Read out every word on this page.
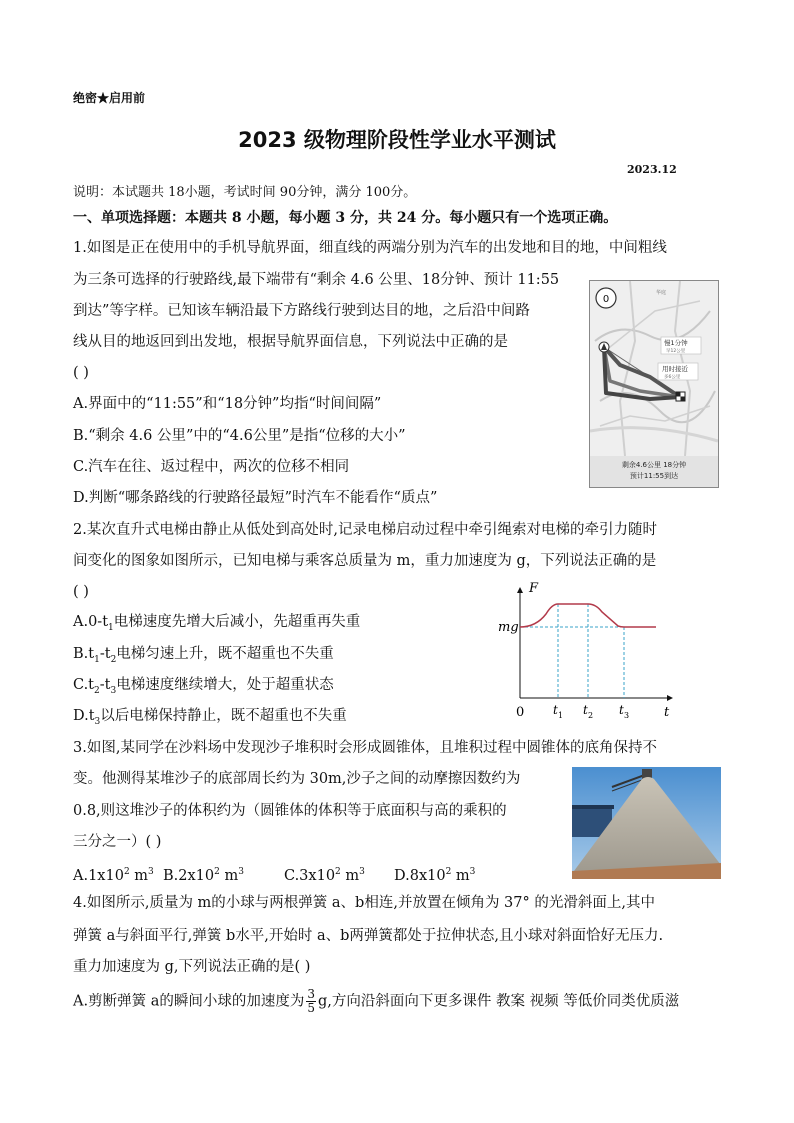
绝密★启用前
2023 级物理阶段性学业水平测试
2023.12
说明：本试题共 18小题，考试时间 90分钟，满分 100分。
一、单项选择题：本题共 8 小题，每小题 3 分，共 24 分。每小题只有一个选项正确。
1.如图是正在使用中的手机导航界面，细直线的两端分别为汽车的出发地和目的地，中间粗线
为三条可选择的行驶路线,最下端带有“剩余 4.6 公里、18分钟、预计 11:55
到达”等字样。已知该车辆沿最下方路线行驶到达目的地，之后沿中间路
线从目的地返回到出发地，根据导航界面信息，下列说法中正确的是
( )
A.界面中的“11:55”和“18分钟”均指“时间间隔”
B.“剩余 4.6 公里”中的“4.6公里”是指“位移的大小”
C.汽车在往、返过程中，两次的位移不相同
D.判断“哪条路线的行驶路径最短”时汽车不能看作“质点”
0
华庭
慢1分钟
早12公里
用时接近
多6公里
剩余4.6公里 18分钟
预计11:55到达
2.某次直升式电梯由静止从低处到高处时,记录电梯启动过程中牵引绳索对电梯的牵引力随时
间变化的图象如图所示，已知电梯与乘客总质量为 m，重力加速度为 g，下列说法正确的是
( )
$A.0-t_1$电梯速度先增大后减小，先超重再失重
$B.t_1-t_2$电梯匀速上升，既不超重也不失重
$C.t_2-t_3$电梯速度继续增大，处于超重状态
$D.t_3$以后电梯保持静止，既不超重也不失重
F
t
0
mg
t 1 t 2 t 3
3.如图,某同学在沙料场中发现沙子堆积时会形成圆锥体，且堆积过程中圆锥体的底角保持不
变。他测得某堆沙子的底部周长约为 30m,沙子之间的动摩擦因数约为
0.8,则这堆沙子的体积约为（圆锥体的体积等于底面积与高的乘积的
三分之一）( )
$A.1x10^2$ $m^3$ $B.2x10^2$ $m^3$	$C.3x10^2$ $m^3$ $D.8x10^2$ $m^3$
4.如图所示,质量为 m的小球与两根弹簧 a、b相连,并放置在倾角为 37° 的光滑斜面上,其中
弹簧 a与斜面平行,弹簧 b水平,开始时 a、b两弹簧都处于拉伸状态,且小球对斜面恰好无压力.
重力加速度为 g,下列说法正确的是( )
A.剪断弹簧 a的瞬间小球的加速度为 $\frac{3}{5} g$,方向沿斜面向下更多课件 教案 视频 等低价同类优质滋
